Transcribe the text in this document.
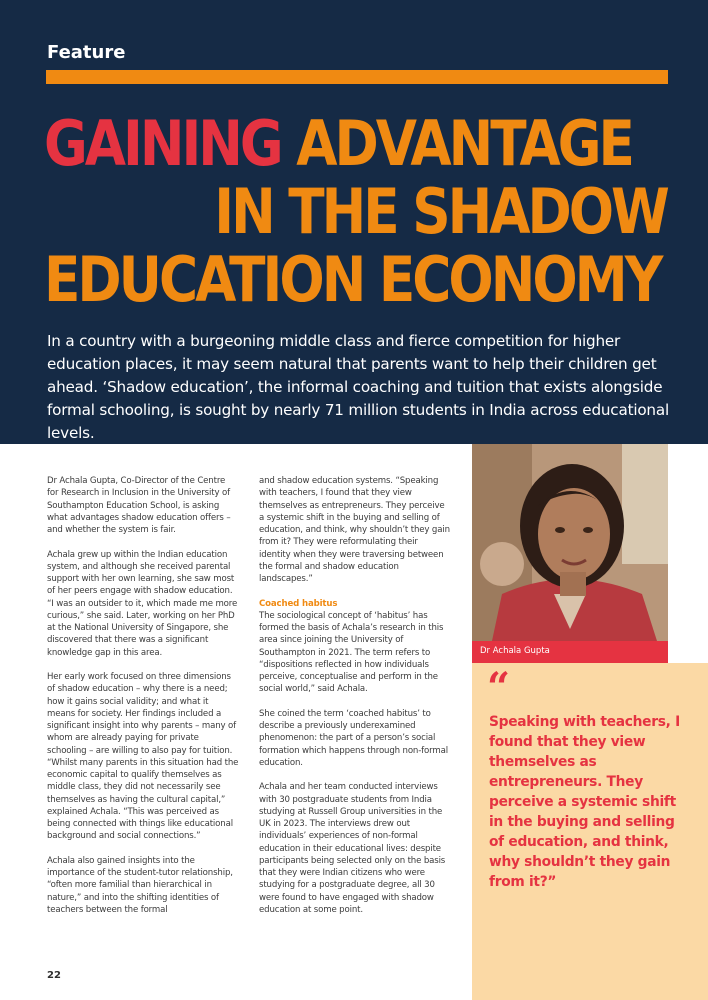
Feature
GAINING ADVANTAGE
IN THE SHADOW
EDUCATION ECONOMY

In a country with a burgeoning middle class and fierce competition for higher education places, it may seem natural that parents want to help their children get ahead. ‘Shadow education’, the informal coaching and tuition that exists alongside formal schooling, is sought by nearly 71 million students in India across educational levels.

Dr Achala Gupta, Co-Director of the Centre for Research in Inclusion in the University of Southampton Education School, is asking what advantages shadow education offers – and whether the system is fair.

Achala grew up within the Indian education system, and although she received parental support with her own learning, she saw most of her peers engage with shadow education. “I was an outsider to it, which made me more curious,” she said. Later, working on her PhD at the National University of Singapore, she discovered that there was a significant knowledge gap in this area.

Her early work focused on three dimensions of shadow education – why there is a need; how it gains social validity; and what it means for society. Her findings included a significant insight into why parents – many of whom are already paying for private schooling – are willing to also pay for tuition. “Whilst many parents in this situation had the economic capital to qualify themselves as middle class, they did not necessarily see themselves as having the cultural capital,” explained Achala. “This was perceived as being connected with things like educational background and social connections.”

Achala also gained insights into the importance of the student-tutor relationship, “often more familial than hierarchical in nature,” and into the shifting identities of teachers between the formal

and shadow education systems. “Speaking with teachers, I found that they view themselves as entrepreneurs. They perceive a systemic shift in the buying and selling of education, and think, why shouldn’t they gain from it? They were reformulating their identity when they were traversing between the formal and shadow education landscapes.”

Coached habitus

The sociological concept of ‘habitus’ has formed the basis of Achala’s research in this area since joining the University of Southampton in 2021. The term refers to “dispositions reflected in how individuals perceive, conceptualise and perform in the social world,” said Achala.

She coined the term ‘coached habitus’ to describe a previously underexamined phenomenon: the part of a person’s social formation which happens through non-formal education.

Achala and her team conducted interviews with 30 postgraduate students from India studying at Russell Group universities in the UK in 2023. The interviews drew out individuals’ experiences of non-formal education in their educational lives: despite participants being selected only on the basis that they were Indian citizens who were studying for a postgraduate degree, all 30 were found to have engaged with shadow education at some point.

Dr Achala Gupta
“
Speaking with teachers, I found that they view themselves as entrepreneurs. They perceive a systemic shift in the buying and selling of education, and think, why shouldn’t they gain from it?”
22
